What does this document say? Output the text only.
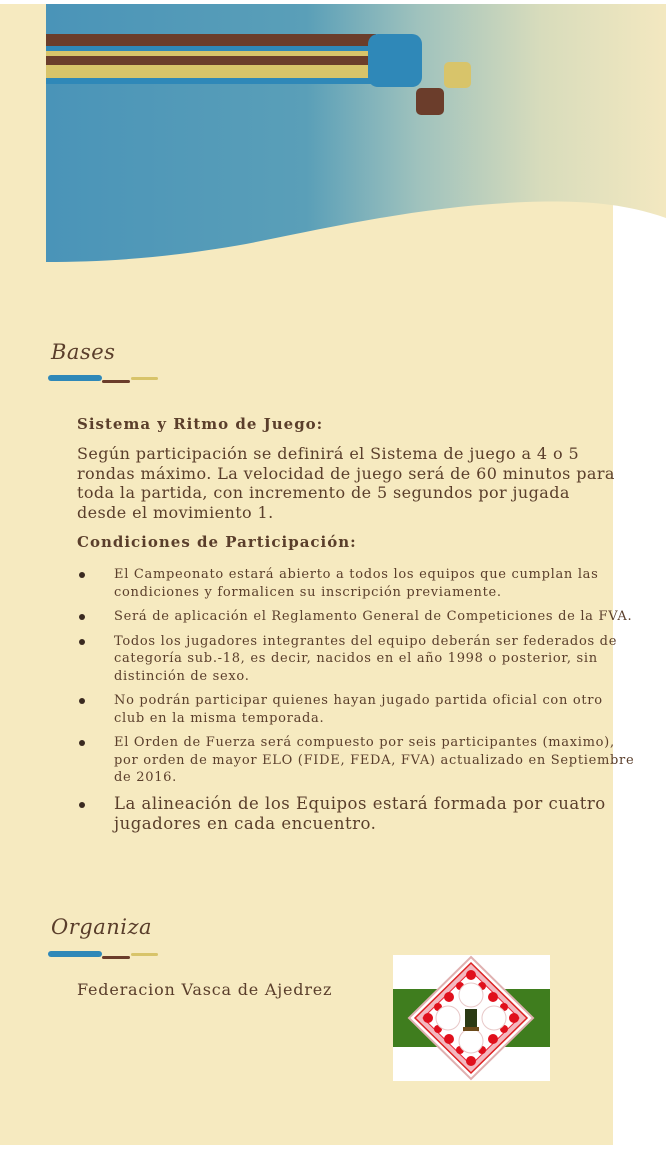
Bases
Sistema y Ritmo de Juego:
Según participación se definirá el Sistema de juego a 4 o 5 rondas máximo. La velocidad de juego será de 60 minutos para toda la partida, con incremento de 5 segundos por jugada desde el movimiento 1.
Condiciones de Participación:
El Campeonato estará abierto a todos los equipos que cumplan las condiciones y formalicen su inscripción previamente.
Será de aplicación el Reglamento General de Competiciones de la FVA.
Todos los jugadores integrantes del equipo deberán ser federados de categoría sub.-18, es decir, nacidos en el año 1998 o posterior, sin distinción de sexo.
No podrán participar quienes hayan jugado partida oficial con otro club en la misma temporada.
El Orden de Fuerza será compuesto por seis participantes (maximo), por orden de mayor ELO (FIDE, FEDA, FVA) actualizado en Septiembre de 2016.
La alineación de los Equipos estará formada por cuatro jugadores en cada encuentro.
Organiza
Federacion Vasca de Ajedrez
